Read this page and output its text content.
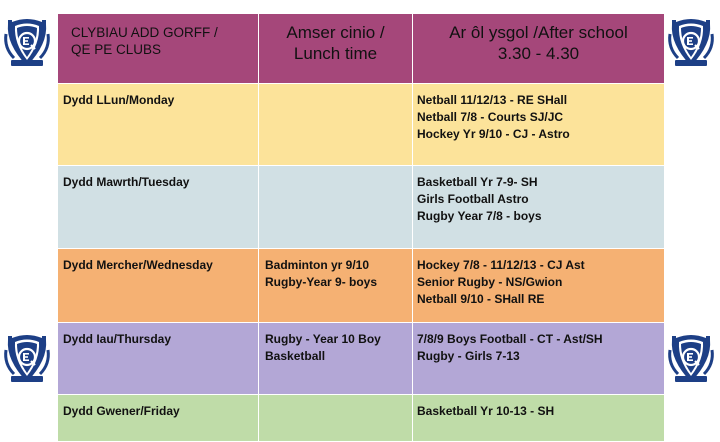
CLYBIAU ADD GORFF /
QE PE CLUBS	Amser cinio /
Lunch time	Ar ôl ysgol /After school
3.30 - 4.30

Dydd LLun/Monday		Netball 11/12/13 - RE SHall
Netball 7/8 - Courts SJ/JC
Hockey Yr 9/10 - CJ - Astro

Dydd Mawrth/Tuesday		Basketball Yr 7-9- SH
Girls Football Astro
Rugby Year 7/8 - boys

Dydd Mercher/Wednesday	Badminton yr 9/10
Rugby-Year 9- boys	Hockey 7/8 - 11/12/13 - CJ Ast
Senior Rugby - NS/Gwion
Netball 9/10 - SHall RE

Dydd Iau/Thursday	Rugby - Year 10 Boy
Basketball	7/8/9 Boys Football - CT - Ast/SH
Rugby - Girls 7-13

Dydd Gwener/Friday		Basketball Yr 10-13 - SH
